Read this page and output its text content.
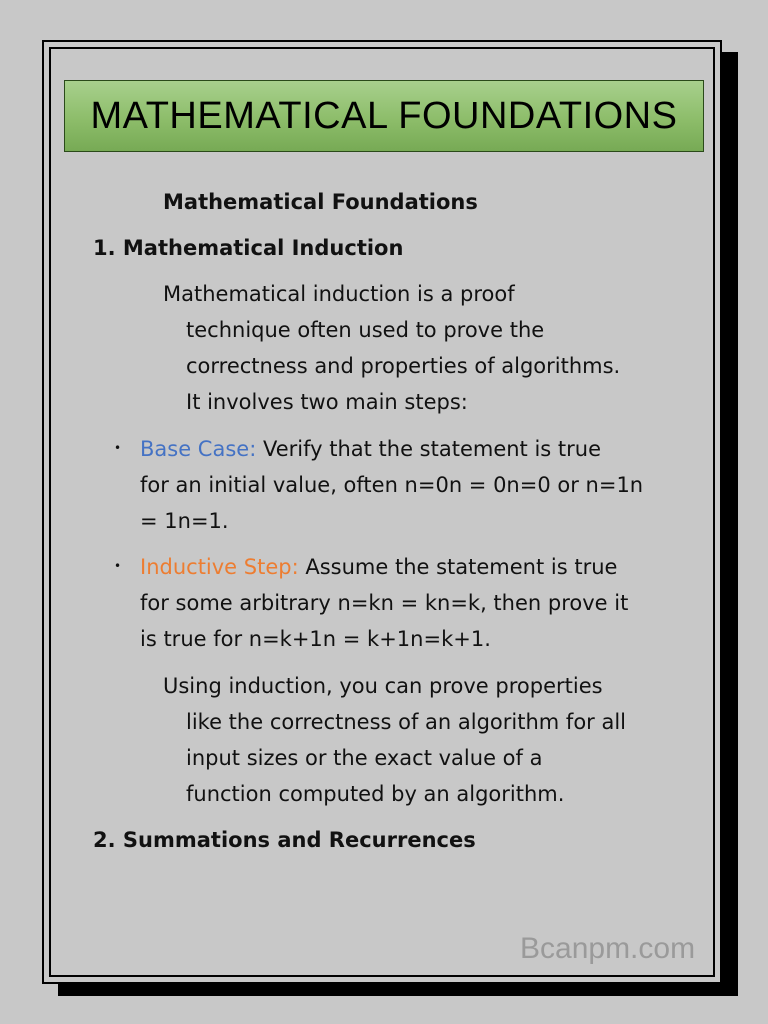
MATHEMATICAL FOUNDATIONS
Mathematical Foundations
1. Mathematical Induction
Mathematical induction is a proof
technique often used to prove the
correctness and properties of algorithms.
It involves two main steps:
• Base Case: Verify that the statement is true
for an initial value, often n=0n = 0n=0 or n=1n
= 1n=1.
• Inductive Step: Assume the statement is true
for some arbitrary n=kn = kn=k, then prove it
is true for n=k+1n = k+1n=k+1.
Using induction, you can prove properties
like the correctness of an algorithm for all
input sizes or the exact value of a
function computed by an algorithm.
2. Summations and Recurrences
Bcanpm.com
